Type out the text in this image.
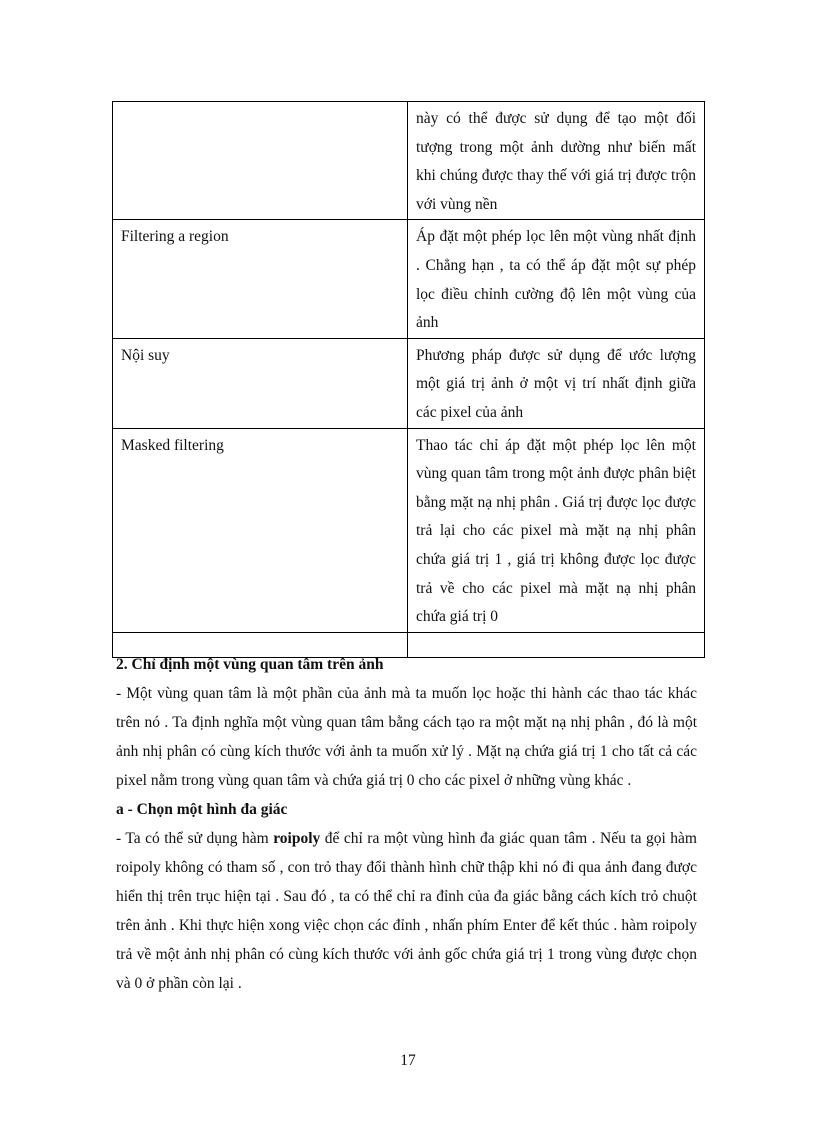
	này có thể được sử dụng để tạo một đối tượng trong một ảnh dường như biến mất khi chúng được thay thế với giá trị được trộn với vùng nền
Filtering a region	Áp đặt một phép lọc lên một vùng nhất định . Chẳng hạn , ta có thể áp đặt một sự phép lọc điều chỉnh cường độ lên một vùng của ảnh
Nội suy	Phương pháp được sử dụng để ước lượng một giá trị ảnh ở một vị trí nhất định giữa các pixel của ảnh
Masked filtering	Thao tác chỉ áp đặt một phép lọc lên một vùng quan tâm trong một ảnh được phân biệt bằng mặt nạ nhị phân . Giá trị được lọc được trả lại cho các pixel mà mặt nạ nhị phân chứa giá trị 1 , giá trị không được lọc được trả về cho các pixel mà mặt nạ nhị phân chứa giá trị 0

2. Chỉ định một vùng quan tâm trên ảnh

- Một vùng quan tâm là một phần của ảnh mà ta muốn lọc hoặc thi hành các thao tác khác trên nó . Ta định nghĩa một vùng quan tâm bằng cách tạo ra một mặt nạ nhị phân , đó là một ảnh nhị phân có cùng kích thước với ảnh ta muốn xử lý . Mặt nạ chứa giá trị 1 cho tất cả các pixel nằm trong vùng quan tâm và chứa giá trị 0 cho các pixel ở những vùng khác .

a - Chọn một hình đa giác

- Ta có thể sử dụng hàm roipoly để chỉ ra một vùng hình đa giác quan tâm . Nếu ta gọi hàm roipoly không có tham số , con trỏ thay đổi thành hình chữ thập khi nó đi qua ảnh đang được hiển thị trên trục hiện tại . Sau đó , ta có thể chỉ ra đỉnh của đa giác bằng cách kích trỏ chuột trên ảnh . Khi thực hiện xong việc chọn các đỉnh , nhấn phím Enter để kết thúc . hàm roipoly trả về một ảnh nhị phân có cùng kích thước với ảnh gốc chứa giá trị 1 trong vùng được chọn và 0 ở phần còn lại .

17
